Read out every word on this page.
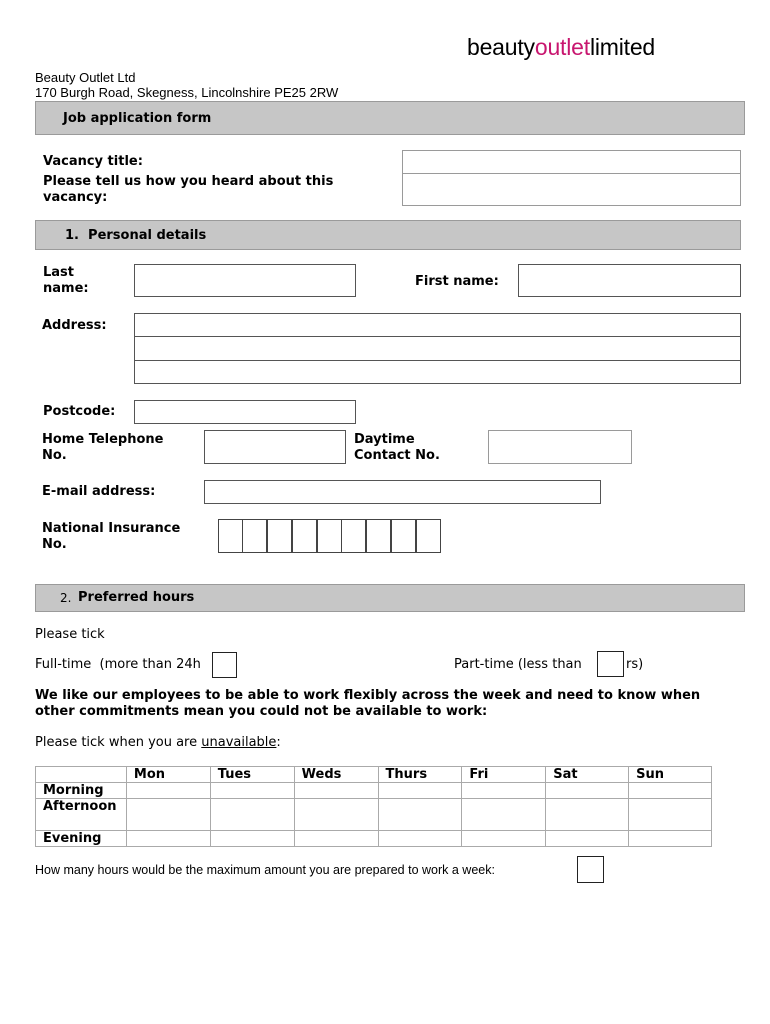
beautyoutletlimited
Beauty Outlet Ltd
170 Burgh Road, Skegness, Lincolnshire PE25 2RW
Job application form
Vacancy title:
Please tell us how you heard about this vacancy:
1.  Personal details
Last name:	First name:
Address:
Postcode:
Home Telephone No.
Daytime Contact No.
E-mail address:
National Insurance No.
2. Preferred hours
Please tick
Full-time  (more than 24h	Part-time (less than	rs)
We like our employees to be able to work flexibly across the week and need to know when other commitments mean you could not be available to work:
Please tick when you are unavailable:
	Mon	Tues	Weds	Thurs	Fri	Sat	Sun
Morning							
Afternoon							
Evening							
How many hours would be the maximum amount you are prepared to work a week:
